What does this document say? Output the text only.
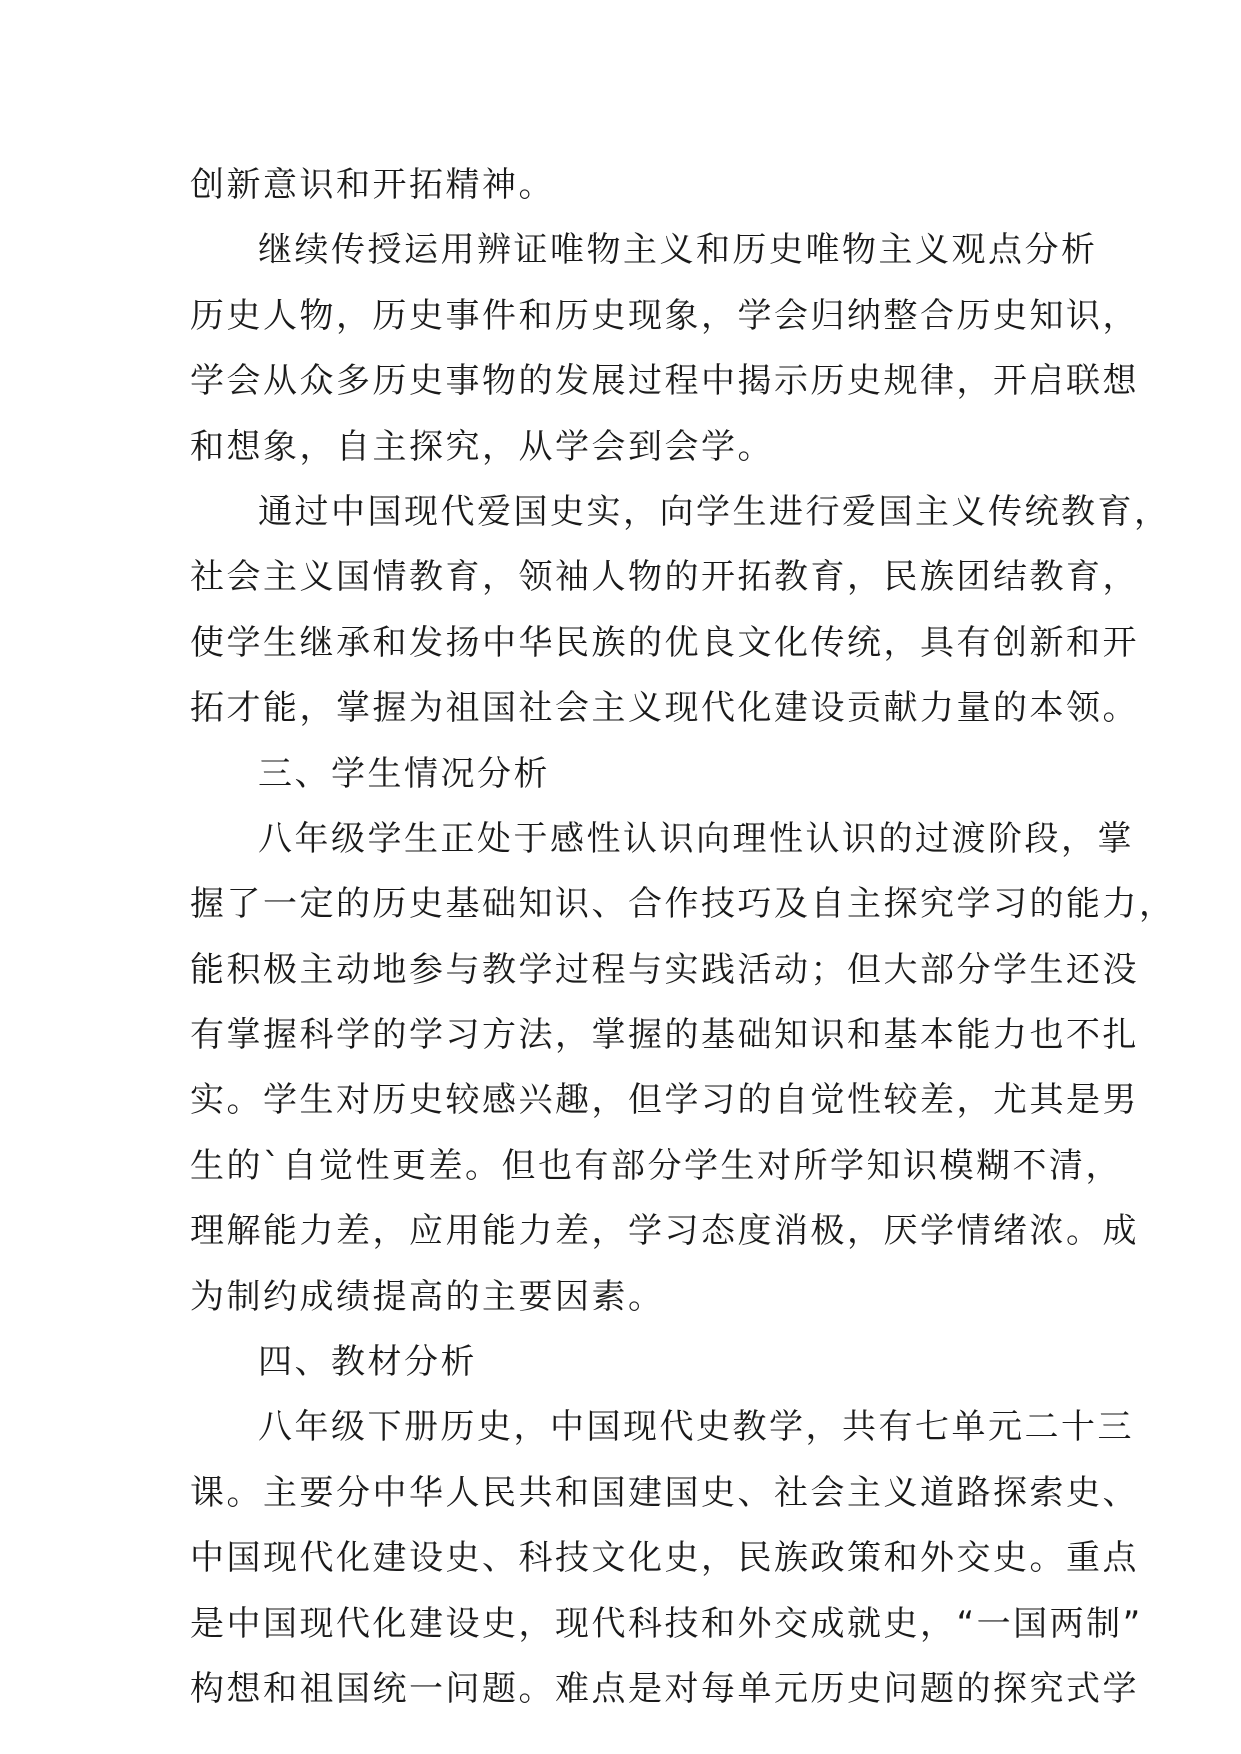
创新意识和开拓精神。
继续传授运用辨证唯物主义和历史唯物主义观点分析
历史人物，历史事件和历史现象，学会归纳整合历史知识，
学会从众多历史事物的发展过程中揭示历史规律，开启联想
和想象，自主探究，从学会到会学。
通过中国现代爱国史实，向学生进行爱国主义传统教育，
社会主义国情教育，领袖人物的开拓教育，民族团结教育，
使学生继承和发扬中华民族的优良文化传统，具有创新和开
拓才能，掌握为祖国社会主义现代化建设贡献力量的本领。
三、学生情况分析
八年级学生正处于感性认识向理性认识的过渡阶段，掌
握了一定的历史基础知识、合作技巧及自主探究学习的能力，
能积极主动地参与教学过程与实践活动；但大部分学生还没
有掌握科学的学习方法，掌握的基础知识和基本能力也不扎
实。学生对历史较感兴趣，但学习的自觉性较差，尤其是男
生的`自觉性更差。但也有部分学生对所学知识模糊不清，
理解能力差，应用能力差，学习态度消极，厌学情绪浓。成
为制约成绩提高的主要因素。
四、教材分析
八年级下册历史，中国现代史教学，共有七单元二十三
课。主要分中华人民共和国建国史、社会主义道路探索史、
中国现代化建设史、科技文化史，民族政策和外交史。重点
是中国现代化建设史，现代科技和外交成就史，“一国两制”
构想和祖国统一问题。难点是对每单元历史问题的探究式学
